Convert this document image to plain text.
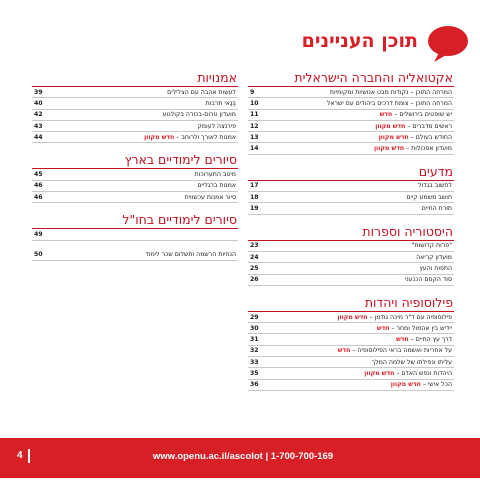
תוכן העניינים
אקטואליה והחברה הישראלית
המרחה התוכן – נקודות מבט אנושיות ומקומיות
9
המרחה התוכן – צומת דרכים ביהודים עם ישראל
10
יש שופטים בירושלים – חדש
11
ראשים מדברים – חדש מקוון
12
החודש בעולם – חדש מקוון
13
מועדון אסכולות – חדש מקוון
14
מדעים
לחשוב בגדול
17
חושב משמע קיים
18
תורת החיים
19
היסטוריה וספרות
"פרות קדושות"
23
מועדון קריאה
24
התפוח והעץ
25
סוד הקסם הכנעני
26
פילוסופיה ויהדות
פילוסופיה עם ד"ר מיכה גודמן – חדש מקוון
29
יידיש בין אהמול ומחר – חדש
30
דרך עץ החיים – חדש
31
על אחריות ואשמה בראי הפילוסופיה – חדש
32
עליתו ונפילתו של שלמה המלך
33
היהדות ונפש האדם – חדש מקוון
35
הכל אישי – חדש מקוון
36
אמנויות
לעשות אהבה עם הצלילים
39
בְּנַאי תרבות
40
מועדון טרום-בכורה בקולנוע
42
פירנצה לעומק
43
אמנות לאורך ולרוחב – חדש מקוון
44
סיורים לימודיים בארץ
מיטב התערוכות
45
אמנות ברגליים
46
סיור אמנות עכשווית
46
סיורים לימודיים בחו"ל
49
הנחיות הרשמה ותשלום שכר לימוד
50
www.openu.ac.il/ascolot | 1-700-700-169
4
